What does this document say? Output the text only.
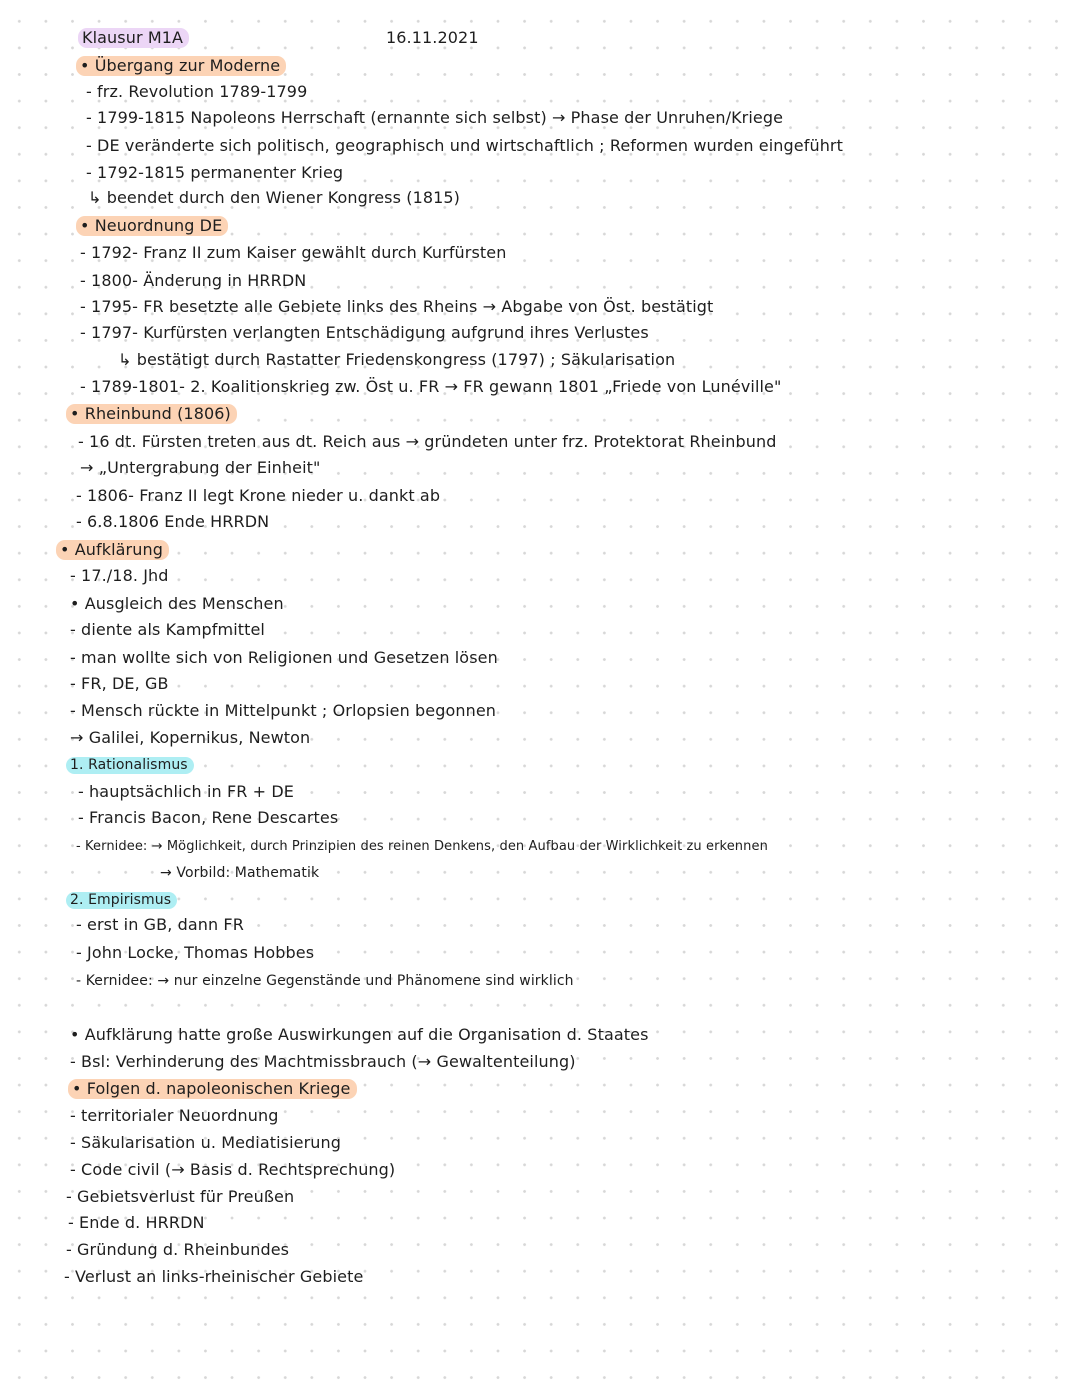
Klausur M1A	16.11.2021
• Übergang zur Moderne
- frz. Revolution 1789-1799
- 1799-1815 Napoleons Herrschaft (ernannte sich selbst) → Phase der Unruhen/Kriege
- DE veränderte sich politisch, geographisch und wirtschaftlich ; Reformen wurden eingeführt
- 1792-1815 permanenter Krieg
↳ beendet durch den Wiener Kongress (1815)
• Neuordnung DE
- 1792- Franz II zum Kaiser gewählt durch Kurfürsten
- 1800- Änderung in HRRDN
- 1795- FR besetzte alle Gebiete links des Rheins → Abgabe von Öst. bestätigt
- 1797- Kurfürsten verlangten Entschädigung aufgrund ihres Verlustes
↳ bestätigt durch Rastatter Friedenskongress (1797) ; Säkularisation
- 1789-1801- 2. Koalitionskrieg zw. Öst u. FR → FR gewann 1801 „Friede von Lunéville"
• Rheinbund (1806)
- 16 dt. Fürsten treten aus dt. Reich aus → gründeten unter frz. Protektorat Rheinbund
→ „Untergrabung der Einheit"
- 1806- Franz II legt Krone nieder u. dankt ab
- 6.8.1806 Ende HRRDN
• Aufklärung
- 17./18. Jhd
• Ausgleich des Menschen
- diente als Kampfmittel
- man wollte sich von Religionen und Gesetzen lösen
- FR, DE, GB
- Mensch rückte in Mittelpunkt ; Orlopsien begonnen
→ Galilei, Kopernikus, Newton
1. Rationalismus
- hauptsächlich in FR + DE
- Francis Bacon, Rene Descartes
- Kernidee: → Möglichkeit, durch Prinzipien des reinen Denkens, den Aufbau der Wirklichkeit zu erkennen
→ Vorbild: Mathematik
2. Empirismus
- erst in GB, dann FR
- John Locke, Thomas Hobbes
- Kernidee: → nur einzelne Gegenstände und Phänomene sind wirklich
• Aufklärung hatte große Auswirkungen auf die Organisation d. Staates
- Bsl: Verhinderung des Machtmissbrauch (→ Gewaltenteilung)
• Folgen d. napoleonischen Kriege
- territorialer Neuordnung
- Säkularisation u. Mediatisierung
- Code civil (→ Basis d. Rechtsprechung)
- Gebietsverlust für Preußen
- Ende d. HRRDN
- Gründung d. Rheinbundes
- Verlust an links-rheinischer Gebiete
